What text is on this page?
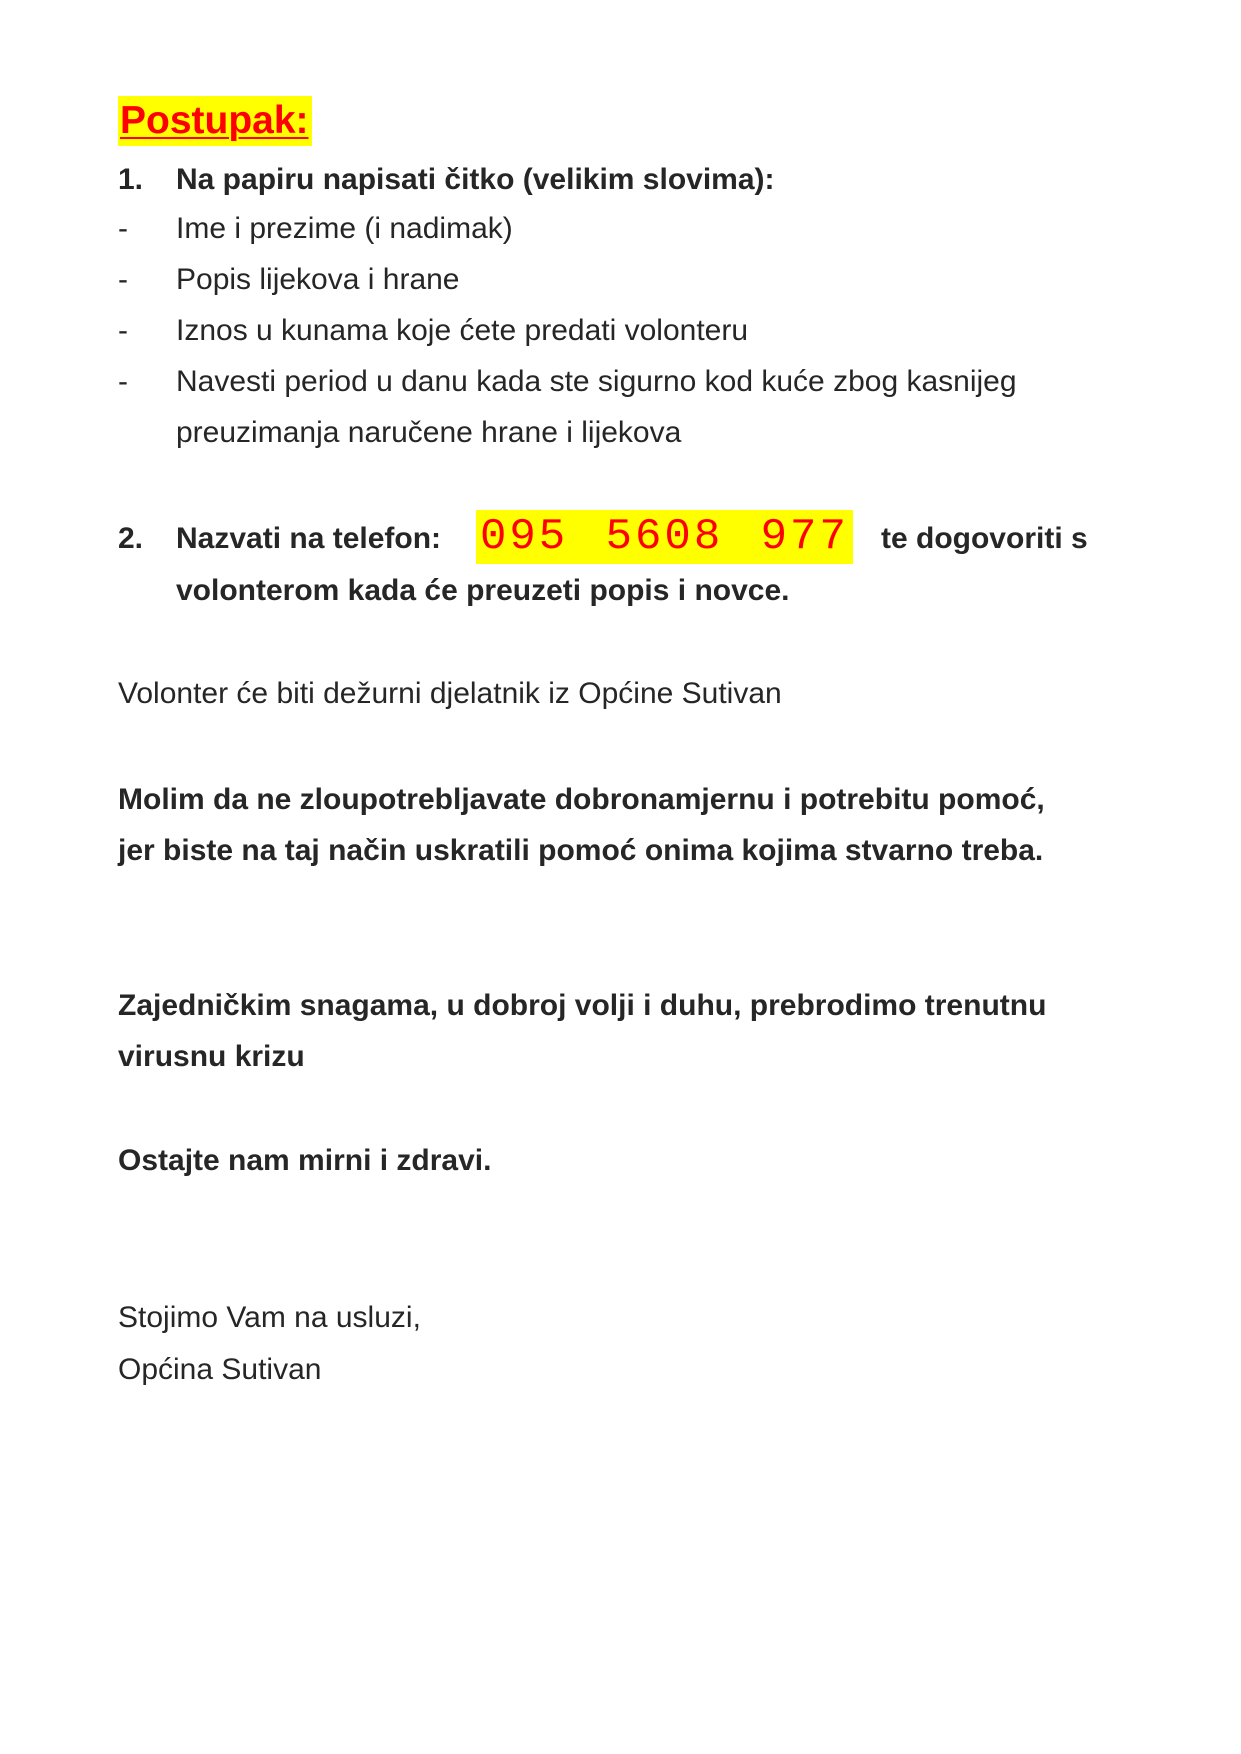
Postupak:
1. Na papiru napisati čitko (velikim slovima):
- Ime i prezime (i nadimak)
- Popis lijekova i hrane
- Iznos u kunama koje ćete predati volonteru
- Navesti period u danu kada ste sigurno kod kuće zbog kasnijeg
preuzimanja naručene hrane i lijekova
2. Nazvati na telefon: 095 5608 977 te dogovoriti s
volonterom kada će preuzeti popis i novce.
Volonter će biti dežurni djelatnik iz Općine Sutivan
Molim da ne zloupotrebljavate dobronamjernu i potrebitu pomoć,
jer biste na taj način uskratili pomoć onima kojima stvarno treba.
Zajedničkim snagama, u dobroj volji i duhu, prebrodimo trenutnu
virusnu krizu
Ostajte nam mirni i zdravi.
Stojimo Vam na usluzi,
Općina Sutivan
